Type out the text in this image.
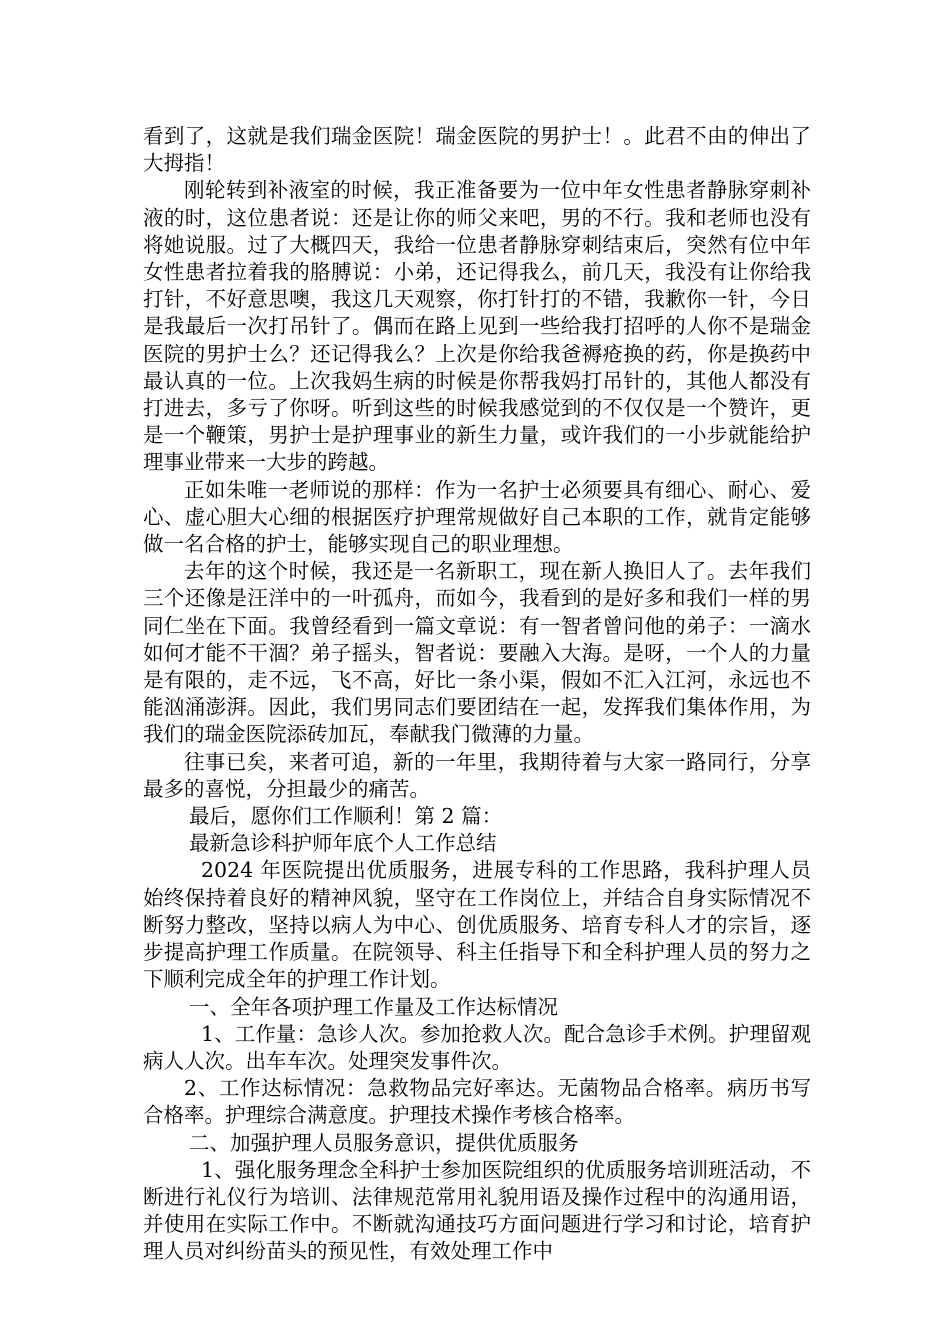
看到了，这就是我们瑞金医院！瑞金医院的男护士！。此君不由的伸出了大拇指！

刚轮转到补液室的时候，我正准备要为一位中年女性患者静脉穿刺补液的时，这位患者说：还是让你的师父来吧，男的不行。我和老师也没有将她说服。过了大概四天，我给一位患者静脉穿刺结束后，突然有位中年女性患者拉着我的胳膊说：小弟，还记得我么，前几天，我没有让你给我打针，不好意思噢，我这几天观察，你打针打的不错，我歉你一针，今日是我最后一次打吊针了。偶而在路上见到一些给我打招呼的人你不是瑞金医院的男护士么？还记得我么？上次是你给我爸褥疮换的药，你是换药中最认真的一位。上次我妈生病的时候是你帮我妈打吊针的，其他人都没有打进去，多亏了你呀。听到这些的时候我感觉到的不仅仅是一个赞许，更是一个鞭策，男护士是护理事业的新生力量，或许我们的一小步就能给护理事业带来一大步的跨越。

正如朱唯一老师说的那样：作为一名护士必须要具有细心、耐心、爱心、虚心胆大心细的根据医疗护理常规做好自己本职的工作，就肯定能够做一名合格的护士，能够实现自己的职业理想。

去年的这个时候，我还是一名新职工，现在新人换旧人了。去年我们三个还像是汪洋中的一叶孤舟，而如今，我看到的是好多和我们一样的男同仁坐在下面。我曾经看到一篇文章说：有一智者曾问他的弟子：一滴水如何才能不干涸？弟子摇头，智者说：要融入大海。是呀，一个人的力量是有限的，走不远，飞不高，好比一条小渠，假如不汇入江河，永远也不能汹涌澎湃。因此，我们男同志们要团结在一起，发挥我们集体作用，为我们的瑞金医院添砖加瓦，奉献我门微薄的力量。

往事已矣，来者可追，新的一年里，我期待着与大家一路同行，分享最多的喜悦，分担最少的痛苦。

最后，愿你们工作顺利！第 2 篇：

最新急诊科护师年底个人工作总结

2024 年医院提出优质服务，进展专科的工作思路，我科护理人员始终保持着良好的精神风貌，坚守在工作岗位上，并结合自身实际情况不断努力整改，坚持以病人为中心、创优质服务、培育专科人才的宗旨，逐步提高护理工作质量。在院领导、科主任指导下和全科护理人员的努力之下顺利完成全年的护理工作计划。

一、全年各项护理工作量及工作达标情况

1、工作量：急诊人次。参加抢救人次。配合急诊手术例。护理留观病人人次。出车车次。处理突发事件次。

2、工作达标情况：急救物品完好率达。无菌物品合格率。病历书写合格率。护理综合满意度。护理技术操作考核合格率。

二、加强护理人员服务意识，提供优质服务

1、强化服务理念全科护士参加医院组织的优质服务培训班活动，不断进行礼仪行为培训、法律规范常用礼貌用语及操作过程中的沟通用语，并使用在实际工作中。不断就沟通技巧方面问题进行学习和讨论，培育护理人员对纠纷苗头的预见性，有效处理工作中
